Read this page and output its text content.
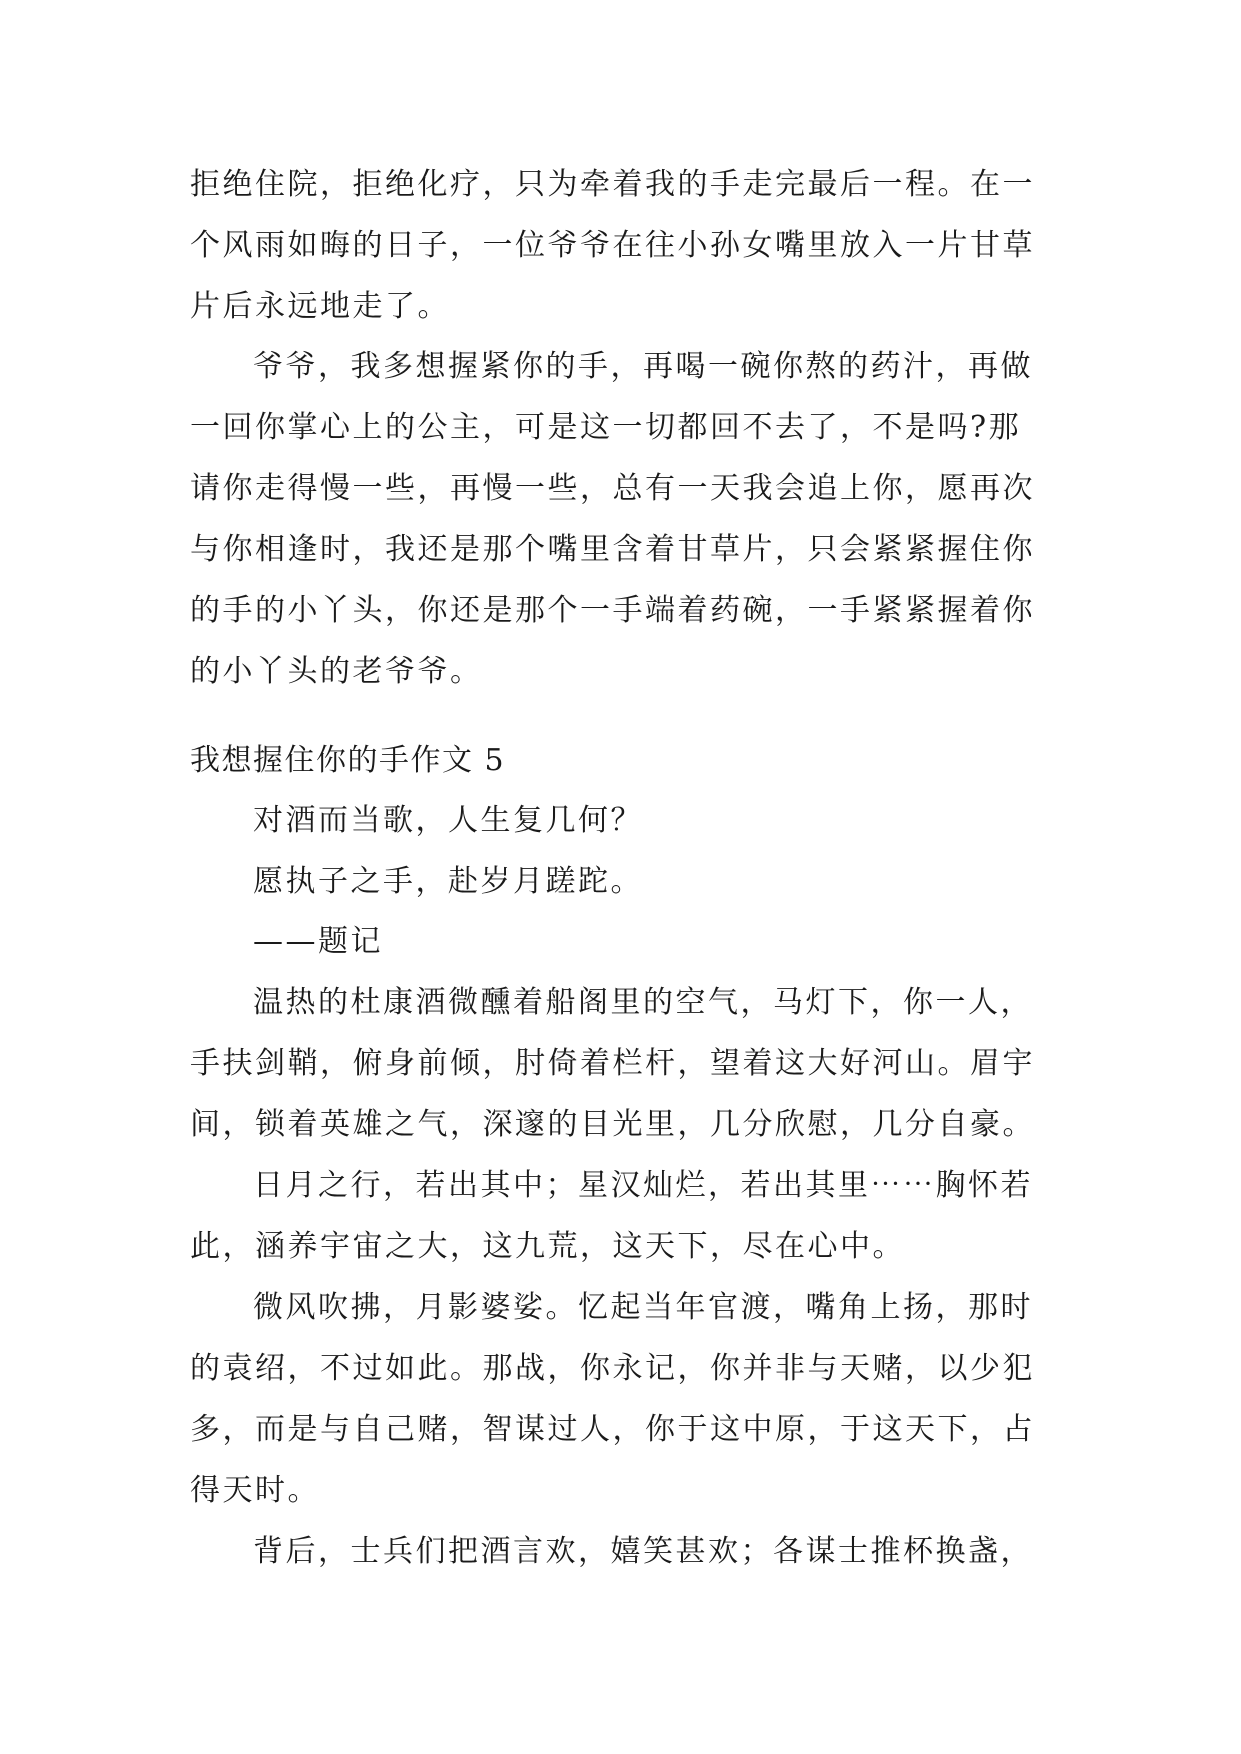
拒绝住院，拒绝化疗，只为牵着我的手走完最后一程。在一
个风雨如晦的日子，一位爷爷在往小孙女嘴里放入一片甘草
片后永远地走了。
爷爷，我多想握紧你的手，再喝一碗你熬的药汁，再做
一回你掌心上的公主，可是这一切都回不去了，不是吗?那
请你走得慢一些，再慢一些，总有一天我会追上你，愿再次
与你相逢时，我还是那个嘴里含着甘草片，只会紧紧握住你
的手的小丫头，你还是那个一手端着药碗，一手紧紧握着你
的小丫头的老爷爷。
我想握住你的手作文 5
对酒而当歌，人生复几何？
愿执子之手，赴岁月蹉跎。
——题记
温热的杜康酒微醺着船阁里的空气，马灯下，你一人，
手扶剑鞘，俯身前倾，肘倚着栏杆，望着这大好河山。眉宇
间，锁着英雄之气，深邃的目光里，几分欣慰，几分自豪。
日月之行，若出其中；星汉灿烂，若出其里⋯⋯胸怀若
此，涵养宇宙之大，这九荒，这天下，尽在心中。
微风吹拂，月影婆娑。忆起当年官渡，嘴角上扬，那时
的袁绍，不过如此。那战，你永记，你并非与天赌，以少犯
多，而是与自己赌，智谋过人，你于这中原，于这天下，占
得天时。
背后，士兵们把酒言欢，嬉笑甚欢；各谋士推杯换盏，
